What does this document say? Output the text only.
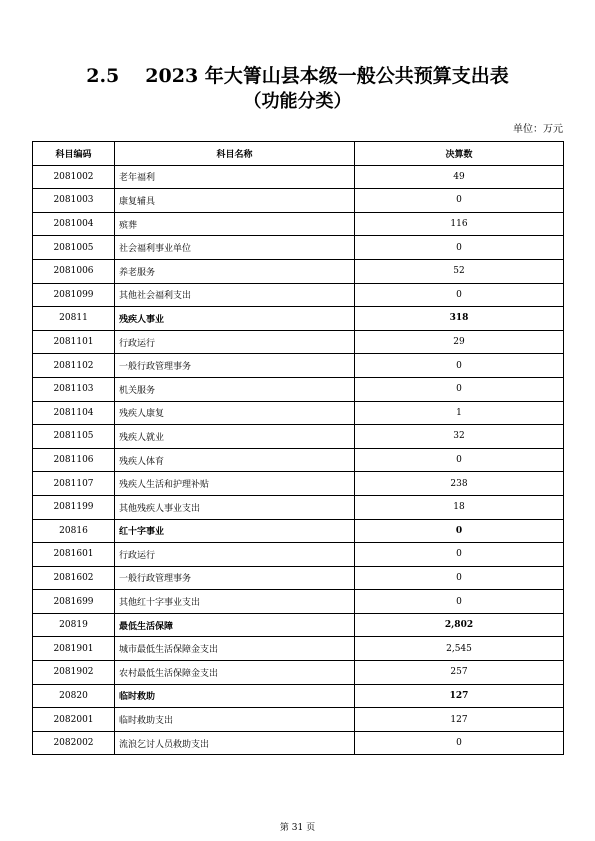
2.5 2023 年大箐山县本级一般公共预算支出表
（功能分类）
单位：万元
科目编码	科目名称	决算数
2081002	老年福利	49
2081003	康复辅具	0
2081004	殡葬	116
2081005	社会福利事业单位	0
2081006	养老服务	52
2081099	其他社会福利支出	0
20811	残疾人事业	318
2081101	行政运行	29
2081102	一般行政管理事务	0
2081103	机关服务	0
2081104	残疾人康复	1
2081105	残疾人就业	32
2081106	残疾人体育	0
2081107	残疾人生活和护理补贴	238
2081199	其他残疾人事业支出	18
20816	红十字事业	0
2081601	行政运行	0
2081602	一般行政管理事务	0
2081699	其他红十字事业支出	0
20819	最低生活保障	2,802
2081901	城市最低生活保障金支出	2,545
2081902	农村最低生活保障金支出	257
20820	临时救助	127
2082001	临时救助支出	127
2082002	流浪乞讨人员救助支出	0
第 31 页
